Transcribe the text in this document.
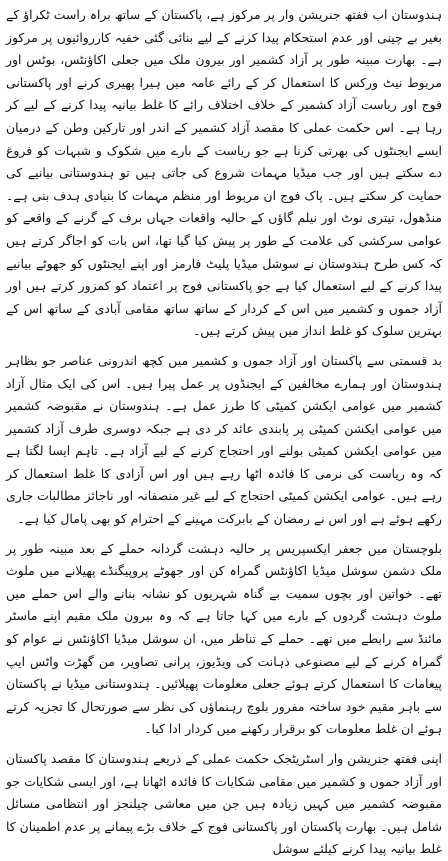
ہندوستان اب ففتھ جنریشن وار پر مرکوز ہے، پاکستان کے ساتھ براہ راست ٹکراؤ کے بغیر بے چینی اور عدم استحکام پیدا کرنے کے لیے بنائی گئی خفیہ کارروائیوں پر مرکوز ہے۔ بھارت مبینہ طور پر آزاد کشمیر اور بیرون ملک میں جعلی اکاؤنٹس، بوٹس اور مربوط نیٹ ورکس کا استعمال کر کے رائے عامہ میں ہیرا پھیری کرنے اور پاکستانی فوج اور ریاست آزاد کشمیر کے خلاف اختلاف رائے کا غلط بیانیہ پیدا کرنے کے لیے کر رہا ہے۔ اس حکمت عملی کا مقصد آزاد کشمیر کے اندر اور تارکین وطن کے درمیان ایسے ایجنٹوں کی بھرتی کرنا ہے جو ریاست کے بارے میں شکوک و شبہات کو فروغ دے سکتے ہیں اور جب میڈیا مہمات شروع کی جاتی ہیں تو ہندوستانی بیانیے کی حمایت کر سکتے ہیں۔ پاک فوج ان مربوط اور منظم مہمات کا بنیادی ہدف بنی ہے۔ منڈھول، تیتری نوٹ اور نیلم گاؤں کے حالیہ واقعات جہاں برف کے گرنے کے واقعے کو عوامی سرکشی کی علامت کے طور پر پیش کیا گیا تھا، اس بات کو اجاگر کرتے ہیں کہ کس طرح ہندوستان نے سوشل میڈیا پلیٹ فارمز اور اپنے ایجنٹوں کو جھوٹے بیانیے پیدا کرنے کے لیے استعمال کیا ہے جو پاکستانی فوج پر اعتماد کو کمزور کرتے ہیں اور آزاد جموں و کشمیر میں اس کے کردار کے ساتھ ساتھ مقامی آبادی کے ساتھ اس کے بہترین سلوک کو غلط انداز میں پیش کرتے ہیں۔

بد قسمتی سے پاکستان اور آزاد جموں و کشمیر میں کچھ اندرونی عناصر جو بظاہر ہندوستان اور ہمارے مخالفین کے ایجنڈوں پر عمل پیرا ہیں۔ اس کی ایک مثال آزاد کشمیر میں عوامی ایکشن کمیٹی کا طرز عمل ہے۔ ہندوستان نے مقبوضہ کشمیر میں عوامی ایکشن کمیٹی پر پابندی عائد کر دی ہے جبکہ دوسری طرف آزاد کشمیر میں عوامی ایکشن کمیٹی بولنے اور احتجاج کرنے کے لیے آزاد ہے۔ تاہم ایسا لگتا ہے کہ وہ ریاست کی نرمی کا فائدہ اٹھا رہے ہیں اور اس آزادی کا غلط استعمال کر رہے ہیں۔ عوامی ایکشن کمیٹی احتجاج کے لیے غیر منصفانہ اور ناجائز مطالبات جاری رکھے ہوئے ہے اور اس نے رمضان کے بابرکت مہینے کے احترام کو بھی پامال کیا ہے۔

بلوچستان میں جعفر ایکسپریس پر حالیہ دہشت گردانہ حملے کے بعد مبینہ طور پر ملک دشمن سوشل میڈیا اکاؤنٹس گمراہ کن اور جھوٹے پروپیگنڈے پھیلانے میں ملوث تھے۔ خواتین اور بچوں سمیت بے گناہ شہریوں کو نشانہ بنانے والے اس حملے میں ملوث دہشت گردوں کے بارے میں کہا جاتا ہے کہ وہ بیرون ملک مقیم اپنے ماسٹر مائنڈ سے رابطے میں تھے۔ حملے کے تناظر میں، ان سوشل میڈیا اکاؤنٹس نے عوام کو گمراہ کرنے کے لیے مصنوعی ذہانت کی ویڈیوز، پرانی تصاویر، من گھڑت واٹس ایپ پیغامات کا استعمال کرتے ہوئے جعلی معلومات پھیلائیں۔ ہندوستانی میڈیا نے پاکستان سے باہر مقیم خود ساختہ مفرور بلوچ رہنماؤں کی نظر سے صورتحال کا تجزیہ کرتے ہوئے ان غلط معلومات کو برقرار رکھنے میں کردار ادا کیا۔

اپنی ففتھ جنریشن وار اسٹریٹجک حکمت عملی کے ذریعے ہندوستان کا مقصد پاکستان اور آزاد جموں و کشمیر میں مقامی شکایات کا فائدہ اٹھانا ہے، اور ایسی شکایات جو مقبوضہ کشمیر میں کہیں زیادہ ہیں جن میں معاشی چیلنجز اور انتظامی مسائل شامل ہیں۔ بھارت پاکستان اور پاکستانی فوج کے خلاف بڑے پیمانے پر عدم اطمینان کا غلط بیانیہ پیدا کرنے کیلئے سوشل
